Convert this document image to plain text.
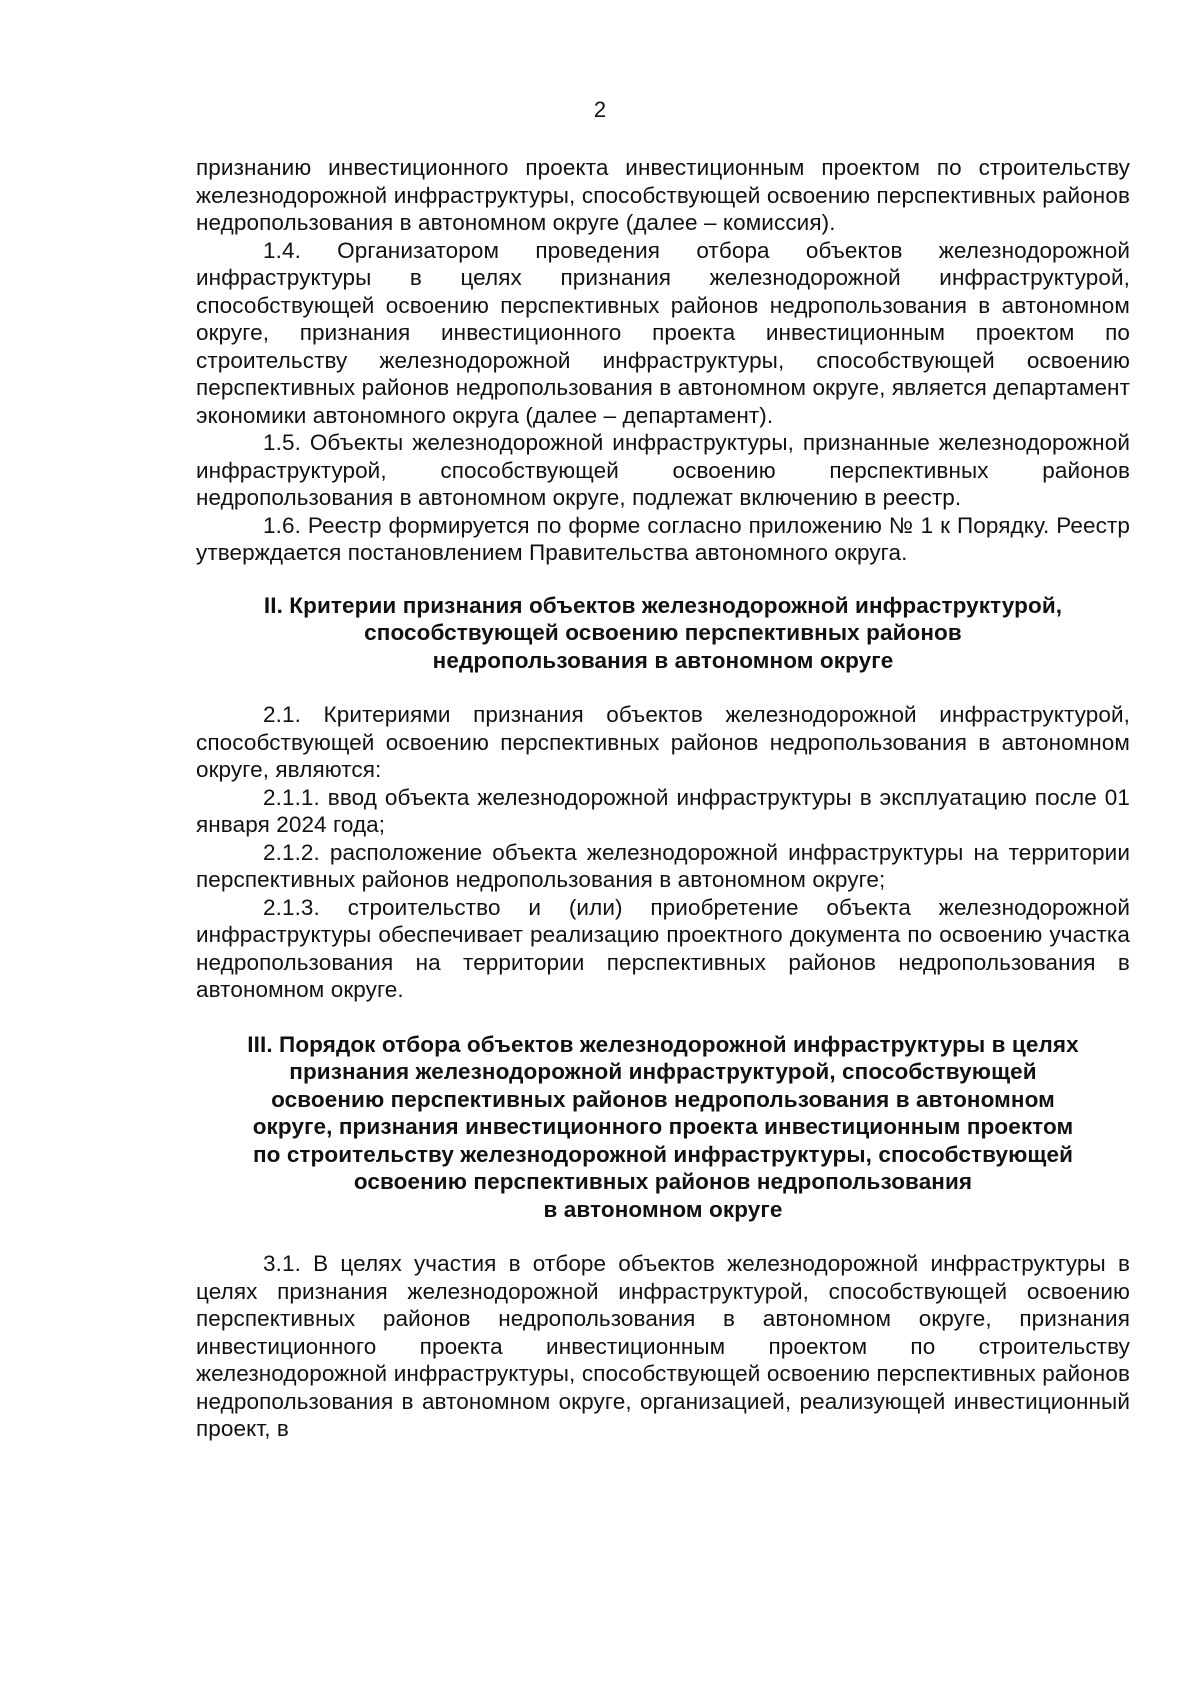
2

признанию инвестиционного проекта инвестиционным проектом по строительству железнодорожной инфраструктуры, способствующей освоению перспективных районов недропользования в автономном округе (далее – комиссия).

1.4. Организатором проведения отбора объектов железнодорожной инфраструктуры в целях признания железнодорожной инфраструктурой, способствующей освоению перспективных районов недропользования в автономном округе, признания инвестиционного проекта инвестиционным проектом по строительству железнодорожной инфраструктуры, способствующей освоению перспективных районов недропользования в автономном округе, является департамент экономики автономного округа (далее – департамент).

1.5. Объекты железнодорожной инфраструктуры, признанные железнодорожной инфраструктурой, способствующей освоению перспективных районов недропользования в автономном округе, подлежат включению в реестр.

1.6. Реестр формируется по форме согласно приложению № 1 к Порядку. Реестр утверждается постановлением Правительства автономного округа.

II. Критерии признания объектов железнодорожной инфраструктурой,
способствующей освоению перспективных районов
недропользования в автономном округе

2.1. Критериями признания объектов железнодорожной инфраструктурой, способствующей освоению перспективных районов недропользования в автономном округе, являются:

2.1.1. ввод объекта железнодорожной инфраструктуры в эксплуатацию после 01 января 2024 года;

2.1.2. расположение объекта железнодорожной инфраструктуры на территории перспективных районов недропользования в автономном округе;

2.1.3. строительство и (или) приобретение объекта железнодорожной инфраструктуры обеспечивает реализацию проектного документа по освоению участка недропользования на территории перспективных районов недропользования в автономном округе.

III. Порядок отбора объектов железнодорожной инфраструктуры в целях
признания железнодорожной инфраструктурой, способствующей
освоению перспективных районов недропользования в автономном
округе, признания инвестиционного проекта инвестиционным проектом
по строительству железнодорожной инфраструктуры, способствующей
освоению перспективных районов недропользования
в автономном округе

3.1. В целях участия в отборе объектов железнодорожной инфраструктуры в целях признания железнодорожной инфраструктурой, способствующей освоению перспективных районов недропользования в автономном округе, признания инвестиционного проекта инвестиционным проектом по строительству железнодорожной инфраструктуры, способствующей освоению перспективных районов недропользования в автономном округе, организацией, реализующей инвестиционный проект, в
